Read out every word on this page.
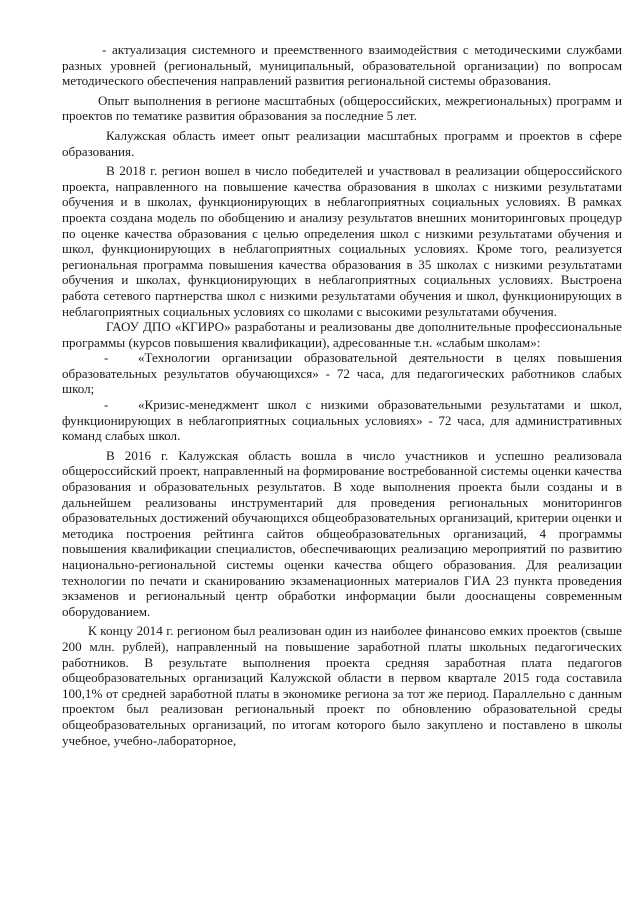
- актуализация системного и преемственного взаимодействия с методическими службами разных уровней (региональный, муниципальный, образовательной организации) по вопросам методического обеспечения направлений развития региональной системы образования.

Опыт выполнения в регионе масштабных (общероссийских, межрегиональных) программ и проектов по тематике развития образования за последние 5 лет.

Калужская область имеет опыт реализации масштабных программ и проектов в сфере образования.

В 2018 г. регион вошел в число победителей и участвовал в реализации общероссийского проекта, направленного на повышение качества образования в школах с низкими результатами обучения и в школах, функционирующих в неблагоприятных социальных условиях. В рамках проекта создана модель по обобщению и анализу результатов внешних мониторинговых процедур по оценке качества образования с целью определения школ с низкими результатами обучения и школ, функционирующих в неблагоприятных социальных условиях. Кроме того, реализуется региональная программа повышения качества образования в 35 школах с низкими результатами обучения и школах, функционирующих в неблагоприятных социальных условиях. Выстроена работа сетевого партнерства школ с низкими результатами обучения и школ, функционирующих в неблагоприятных социальных условиях со школами с высокими результатами обучения.

ГАОУ ДПО «КГИРО» разработаны и реализованы две дополнительные профессиональные программы (курсов повышения квалификации), адресованные т.н. «слабым школам»:

- «Технологии организации образовательной деятельности в целях повышения образовательных результатов обучающихся» - 72 часа, для педагогических работников слабых школ;

- «Кризис-менеджмент школ с низкими образовательными результатами и школ, функционирующих в неблагоприятных социальных условиях» - 72 часа, для административных команд слабых школ.

В 2016 г. Калужская область вошла в число участников и успешно реализовала общероссийский проект, направленный на формирование востребованной системы оценки качества образования и образовательных результатов. В ходе выполнения проекта были созданы и в дальнейшем реализованы инструментарий для проведения региональных мониторингов образовательных достижений обучающихся общеобразовательных организаций, критерии оценки и методика построения рейтинга сайтов общеобразовательных организаций, 4 программы повышения квалификации специалистов, обеспечивающих реализацию мероприятий по развитию национально-региональной системы оценки качества общего образования. Для реализации технологии по печати и сканированию экзаменационных материалов ГИА 23 пункта проведения экзаменов и региональный центр обработки информации были дооснащены современным оборудованием.

К концу 2014 г. регионом был реализован один из наиболее финансово емких проектов (свыше 200 млн. рублей), направленный на повышение заработной платы школьных педагогических работников. В результате выполнения проекта средняя заработная плата педагогов общеобразовательных организаций Калужской области в первом квартале 2015 года составила 100,1% от средней заработной платы в экономике региона за тот же период. Параллельно с данным проектом был реализован региональный проект по обновлению образовательной среды общеобразовательных организаций, по итогам которого было закуплено и поставлено в школы учебное, учебно-лабораторное,
